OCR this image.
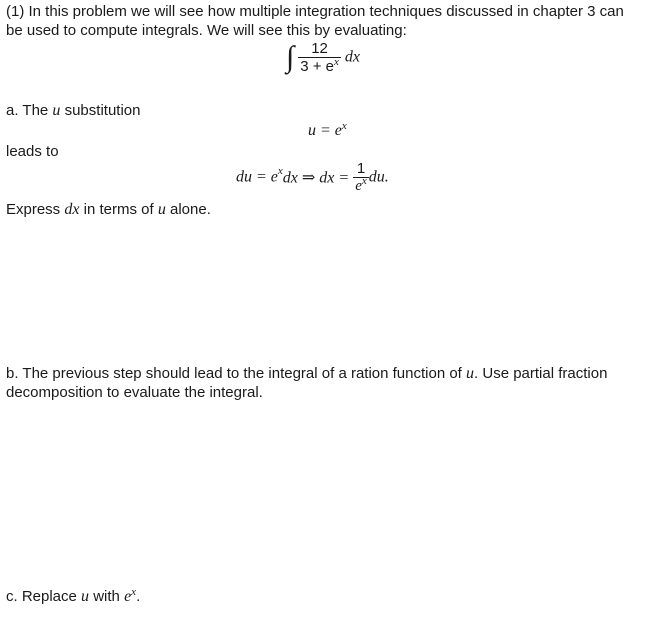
(1) In this problem we will see how multiple integration techniques discussed in chapter 3 can
be used to compute integrals. We will see this by evaluating:
∫ $\frac{12}{3 + e^x}$ dx
a. The u substitution
$u = e^x$
leads to
du = $e^xdx$ ⇒ dx = $\frac{1}{e^x}$ du.
Express dx in terms of u alone.
b. The previous step should lead to the integral of a ration function of u. Use partial fraction
decomposition to evaluate the integral.
c. Replace u with $e^x$.
